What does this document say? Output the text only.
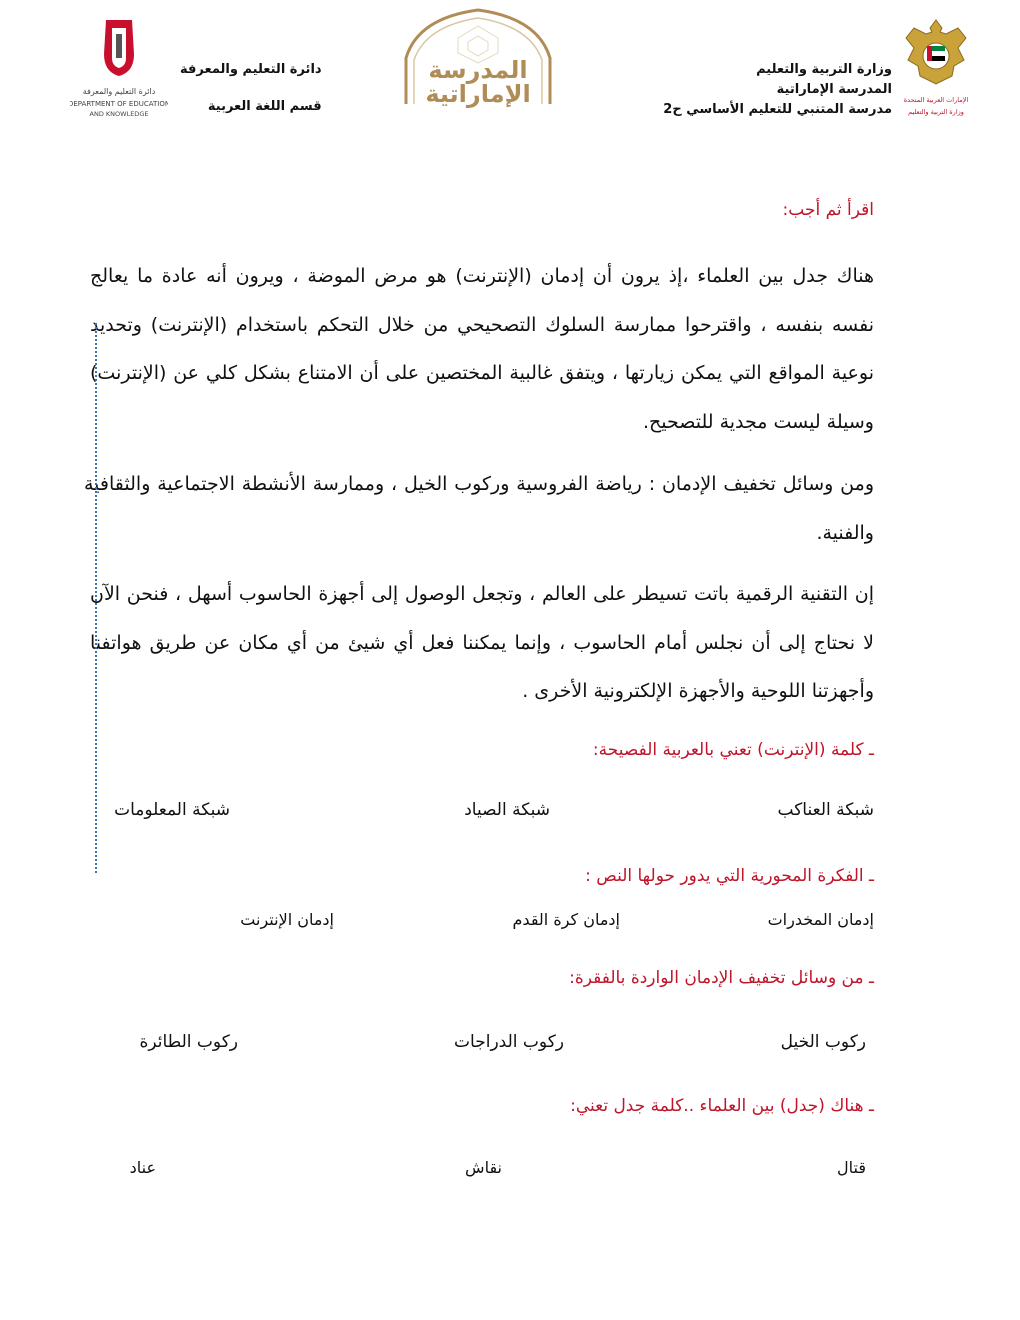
الإمارات العربية المتحدة
وزارة التربية والتعليم
وزارة التربية والتعليم
المدرسة الإماراتية
مدرسة المتنبي للتعليم الأساسي ح2
المدرسة
الإماراتية
دائرة التعليم والمعرفة
قسم اللغة العربية
دائرة التعليم والمعرفة
DEPARTMENT OF EDUCATION
AND KNOWLEDGE
اقرأ ثم أجب:
هناك جدل بين العلماء ،إذ يرون أن إدمان (الإنترنت) هو مرض الموضة ، ويرون أنه عادة ما يعالج نفسه بنفسه ، واقترحوا ممارسة السلوك التصحيحي من خلال التحكم باستخدام (الإنترنت) وتحديد نوعية المواقع التي يمكن زيارتها ، ويتفق غالبية المختصين على أن الامتناع بشكل كلي عن (الإنترنت) وسيلة ليست مجدية للتصحيح.
ومن وسائل تخفيف الإدمان : رياضة الفروسية وركوب الخيل ، وممارسة الأنشطة الاجتماعية والثقافية والفنية.
إن التقنية الرقمية باتت تسيطر على العالم ، وتجعل الوصول إلى أجهزة الحاسوب أسهل ، فنحن الآن لا نحتاج إلى أن نجلس أمام الحاسوب ، وإنما يمكننا فعل أي شيئ من أي مكان عن طريق هواتفنا وأجهزتنا اللوحية والأجهزة الإلكترونية الأخرى .
ـ كلمة (الإنترنت) تعني بالعربية الفصيحة:
شبكة العناكب
شبكة الصياد
شبكة المعلومات
ـ الفكرة المحورية التي يدور حولها النص :
إدمان المخدرات
إدمان كرة القدم
إدمان الإنترنت
ـ من وسائل تخفيف الإدمان الواردة بالفقرة:
ركوب الخيل
ركوب الدراجات
ركوب الطائرة
ـ هناك (جدل) بين العلماء ..كلمة جدل تعني:
قتال
نقاش
عناد
